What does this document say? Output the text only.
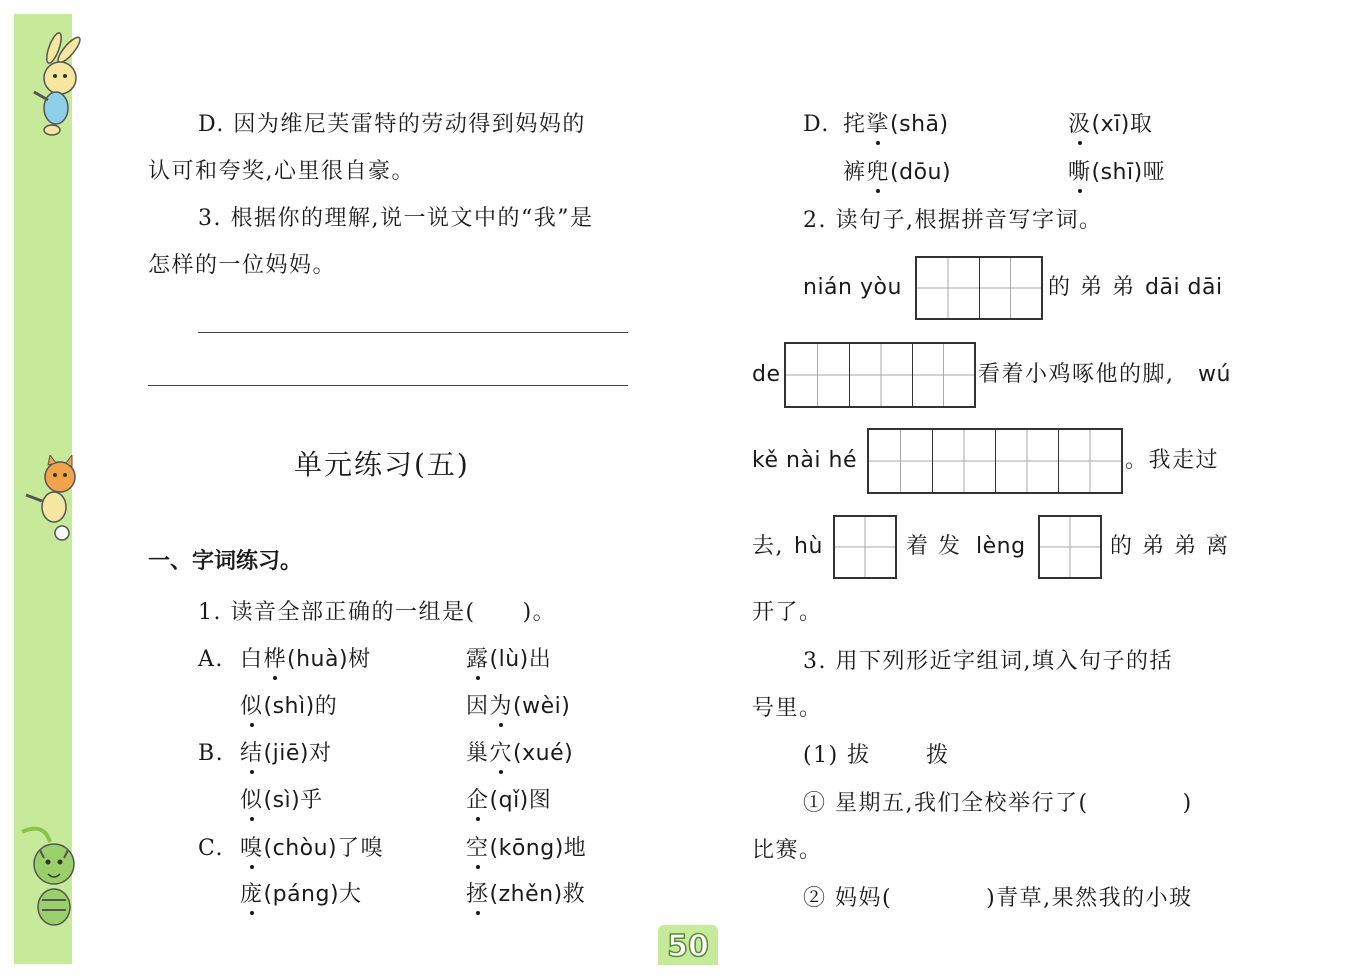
D. 因为维尼芙雷特的劳动得到妈妈的
认可和夸奖,心里很自豪。
3. 根据你的理解,说一说文中的“我”是
怎样的一位妈妈。
单元练习(五)
一、字词练习。
1. 读音全部正确的一组是(　　)。
A. 白桦(huà)树	露(lù)出
似(shì)的	因为(wèi)
B. 结(jiē)对	巢穴(xué)
似(sì)乎	企(qǐ)图
C. 嗅(chòu)了嗅	空(kōng)地
庞(páng)大	拯(zhěn)救
D. 挓挲(shā)	汲(xī)取
裤兜(dōu)	嘶(shī)哑
2. 读句子,根据拼音写字词。
nián yòu	的 弟 弟 dāi dāi
de	看着小鸡啄他的脚, wú
kě nài hé	。我走过
去, hù	着 发 lèng	的 弟 弟 离
开了。
3. 用下列形近字组词,填入句子的括
号里。
(1) 拔　　 拨
① 星期五,我们全校举行了(　　　　)
比赛。
② 妈妈(　　　　)青草,果然我的小玻
50
